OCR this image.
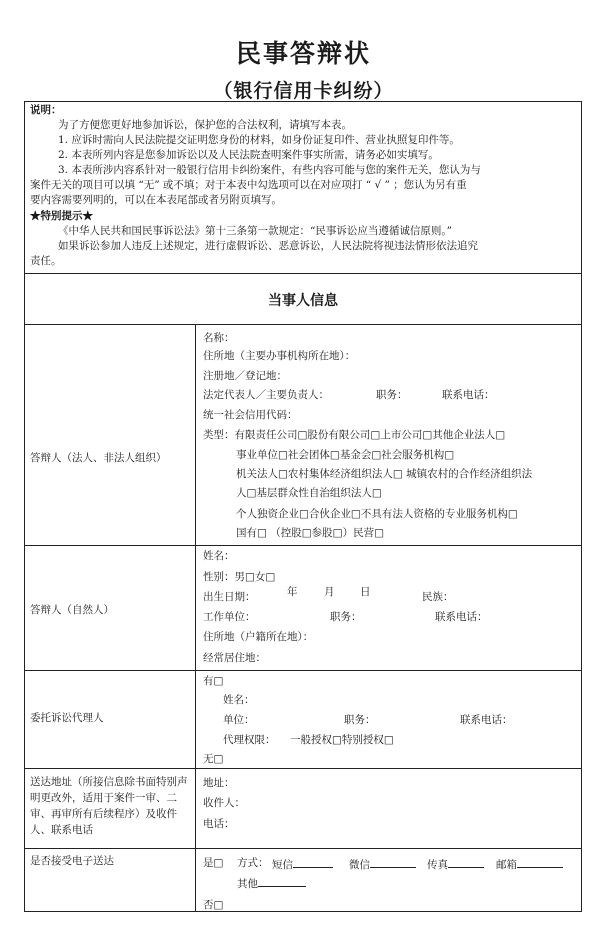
民事答辩状
（银行信用卡纠纷）
说明：
为了方便您更好地参加诉讼，保护您的合法权利，请填写本表。
1. 应诉时需向人民法院提交证明您身份的材料，如身份证复印件、营业执照复印件等。
2. 本表所列内容是您参加诉讼以及人民法院查明案件事实所需，请务必如实填写。
3. 本表所涉内容系针对一般银行信用卡纠纷案件，有些内容可能与您的案件无关，您认为与
案件无关的项目可以填 “无” 或不填；对于本表中勾选项可以在对应项打 “ √ ” ；您认为另有重
要内容需要列明的，可以在本表尾部或者另附页填写。
★特别提示★
《中华人民共和国民事诉讼法》第十三条第一款规定：“民事诉讼应当遵循诚信原则。”
如果诉讼参加人违反上述规定，进行虚假诉讼、恶意诉讼，人民法院将视违法情形依法追究
责任。
当事人信息
答辩人（法人、非法人组织）
名称：
住所地（主要办事机构所在地）：
注册地／登记地：
法定代表人／主要负责人：	职务：	联系电话：
统一社会信用代码：
类型：有限责任公司□股份有限公司□上市公司□其他企业法人□
事业单位□社会团体□基金会□社会服务机构□
机关法人□农村集体经济组织法人□ 城镇农村的合作经济组织法
人□基层群众性自治组织法人□
个人独资企业□合伙企业□不具有法人资格的专业服务机构□
国有□ （控股□参股□）民营□
答辩人（自然人）
姓名：
性别：男□女□
出生日期：	年	月 日	民族：
工作单位：	职务：	联系电话：
住所地（户籍所在地）：
经常居住地：
委托诉讼代理人
有□
姓名：
单位：	职务：	联系电话：
代理权限： 一般授权□特别授权□
无□
送达地址（所接信息除书面特别声明更改外，适用于案件一审、二审、再审所有后续程序）及收件人、联系电话
地址：
收件人：
电话：
是否接受电子送达	是□ 方式： 短信	微信	传真	邮箱
其他
否□
